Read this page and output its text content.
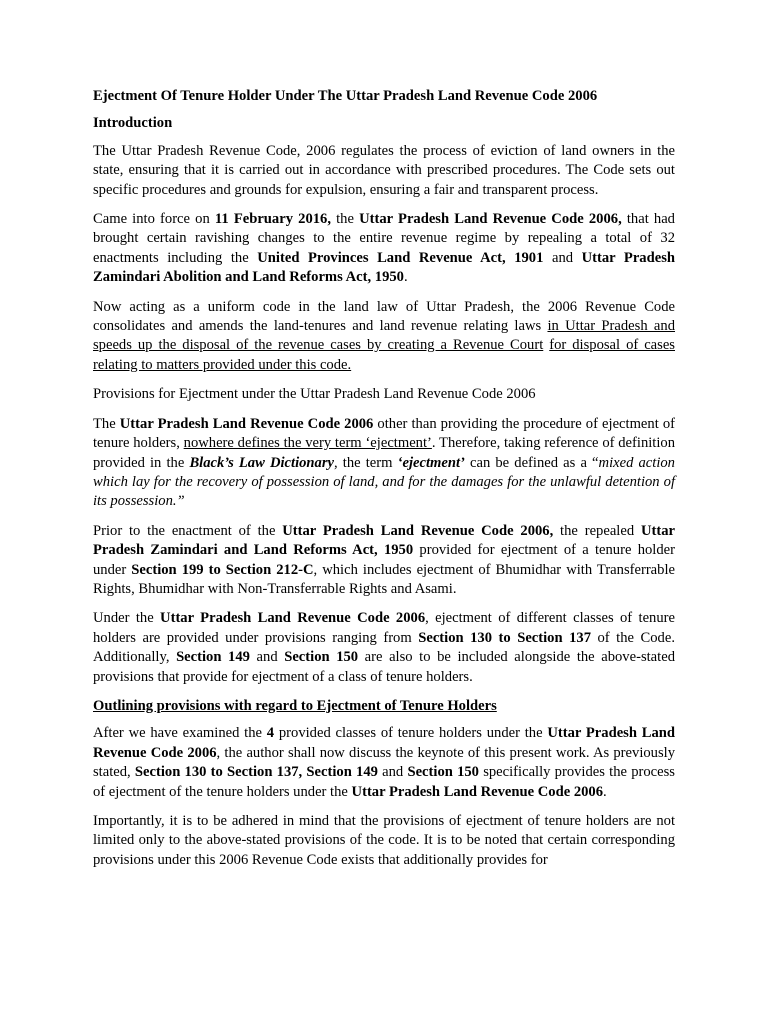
Ejectment Of Tenure Holder Under The Uttar Pradesh Land Revenue Code 2006

Introduction

The Uttar Pradesh Revenue Code, 2006 regulates the process of eviction of land owners in the state, ensuring that it is carried out in accordance with prescribed procedures. The Code sets out specific procedures and grounds for expulsion, ensuring a fair and transparent process.

Came into force on 11 February 2016, the Uttar Pradesh Land Revenue Code 2006, that had brought certain ravishing changes to the entire revenue regime by repealing a total of 32 enactments including the United Provinces Land Revenue Act, 1901 and Uttar Pradesh Zamindari Abolition and Land Reforms Act, 1950.

Now acting as a uniform code in the land law of Uttar Pradesh, the 2006 Revenue Code consolidates and amends the land-tenures and land revenue relating laws in Uttar Pradesh and speeds up the disposal of the revenue cases by creating a Revenue Court for disposal of cases relating to matters provided under this code.

Provisions for Ejectment under the Uttar Pradesh Land Revenue Code 2006

The Uttar Pradesh Land Revenue Code 2006 other than providing the procedure of ejectment of tenure holders, nowhere defines the very term ‘ejectment’. Therefore, taking reference of definition provided in the Black’s Law Dictionary, the term ‘ejectment’ can be defined as a “mixed action which lay for the recovery of possession of land, and for the damages for the unlawful detention of its possession.”

Prior to the enactment of the Uttar Pradesh Land Revenue Code 2006, the repealed Uttar Pradesh Zamindari and Land Reforms Act, 1950 provided for ejectment of a tenure holder under Section 199 to Section 212-C, which includes ejectment of Bhumidhar with Transferrable Rights, Bhumidhar with Non-Transferrable Rights and Asami.

Under the Uttar Pradesh Land Revenue Code 2006, ejectment of different classes of tenure holders are provided under provisions ranging from Section 130 to Section 137 of the Code. Additionally, Section 149 and Section 150 are also to be included alongside the above-stated provisions that provide for ejectment of a class of tenure holders.

Outlining provisions with regard to Ejectment of Tenure Holders

After we have examined the 4 provided classes of tenure holders under the Uttar Pradesh Land Revenue Code 2006, the author shall now discuss the keynote of this present work. As previously stated, Section 130 to Section 137, Section 149 and Section 150 specifically provides the process of ejectment of the tenure holders under the Uttar Pradesh Land Revenue Code 2006.

Importantly, it is to be adhered in mind that the provisions of ejectment of tenure holders are not limited only to the above-stated provisions of the code. It is to be noted that certain corresponding provisions under this 2006 Revenue Code exists that additionally provides for
